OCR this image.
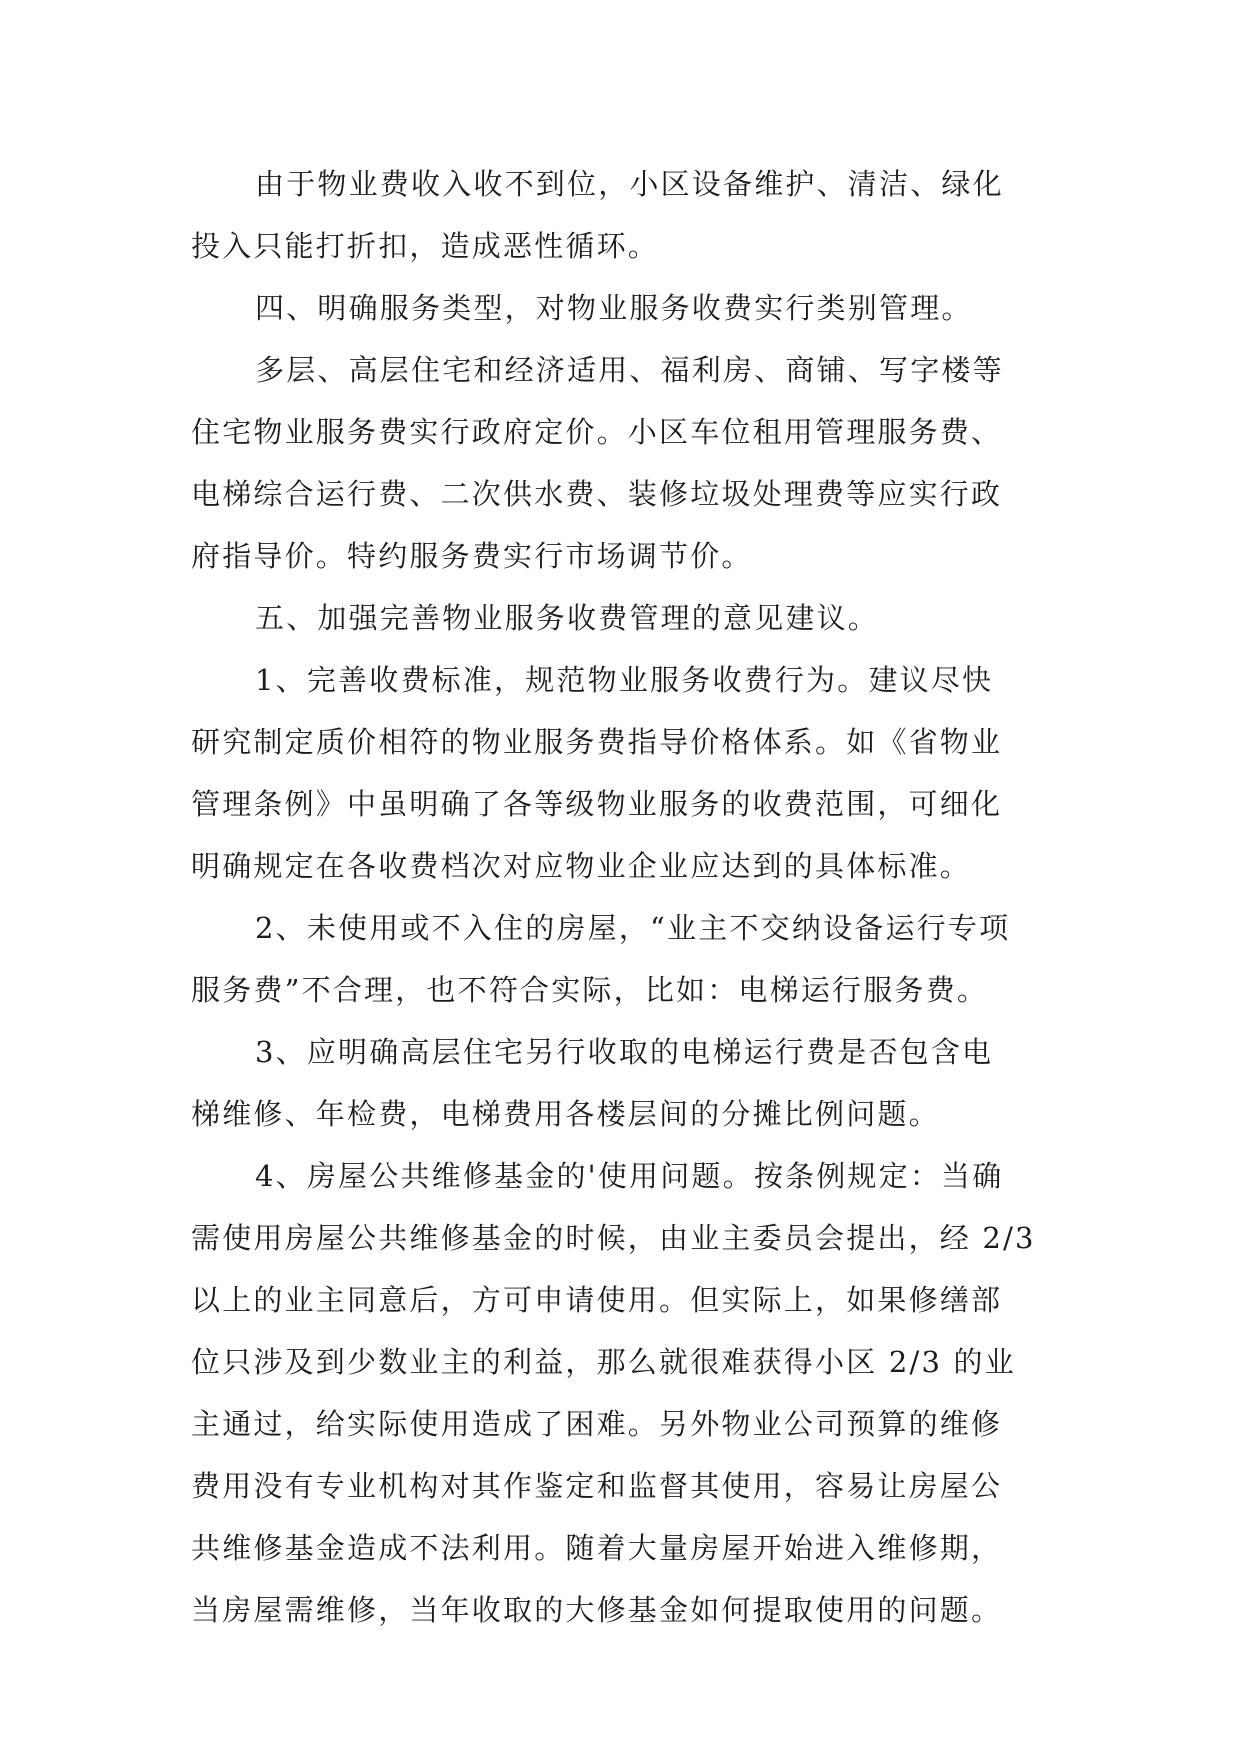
由于物业费收入收不到位，小区设备维护、清洁、绿化
投入只能打折扣，造成恶性循环。
四、明确服务类型，对物业服务收费实行类别管理。
多层、高层住宅和经济适用、福利房、商铺、写字楼等
住宅物业服务费实行政府定价。小区车位租用管理服务费、
电梯综合运行费、二次供水费、装修垃圾处理费等应实行政
府指导价。特约服务费实行市场调节价。
五、加强完善物业服务收费管理的意见建议。
1、完善收费标准，规范物业服务收费行为。建议尽快
研究制定质价相符的物业服务费指导价格体系。如《省物业
管理条例》中虽明确了各等级物业服务的收费范围，可细化
明确规定在各收费档次对应物业企业应达到的具体标准。
2、未使用或不入住的房屋，“业主不交纳设备运行专项
服务费”不合理，也不符合实际，比如：电梯运行服务费。
3、应明确高层住宅另行收取的电梯运行费是否包含电
梯维修、年检费，电梯费用各楼层间的分摊比例问题。
4、房屋公共维修基金的'使用问题。按条例规定：当确
需使用房屋公共维修基金的时候，由业主委员会提出，经 2/3
以上的业主同意后，方可申请使用。但实际上，如果修缮部
位只涉及到少数业主的利益，那么就很难获得小区 2/3 的业
主通过，给实际使用造成了困难。另外物业公司预算的维修
费用没有专业机构对其作鉴定和监督其使用，容易让房屋公
共维修基金造成不法利用。随着大量房屋开始进入维修期，
当房屋需维修，当年收取的大修基金如何提取使用的问题。
